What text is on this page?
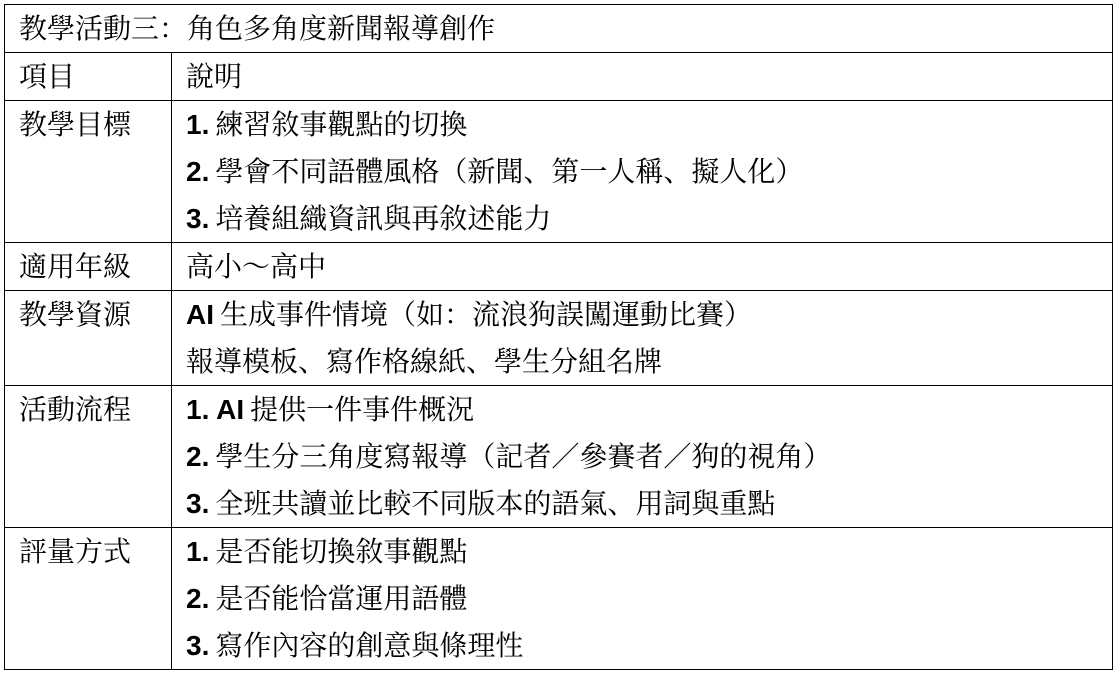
教學活動三：角色多角度新聞報導創作	
項目	說明
教學目標	1. 練習敘事觀點的切換
2. 學會不同語體風格（新聞、第一人稱、擬人化）
3. 培養組織資訊與再敘述能力

適用年級	高小～高中

教學資源	AI 生成事件情境（如：流浪狗誤闖運動比賽）
報導模板、寫作格線紙、學生分組名牌

活動流程	1. AI 提供一件事件概況
2. 學生分三角度寫報導（記者／參賽者／狗的視角）
3. 全班共讀並比較不同版本的語氣、用詞與重點

評量方式	1. 是否能切換敘事觀點
2. 是否能恰當運用語體
3. 寫作內容的創意與條理性
